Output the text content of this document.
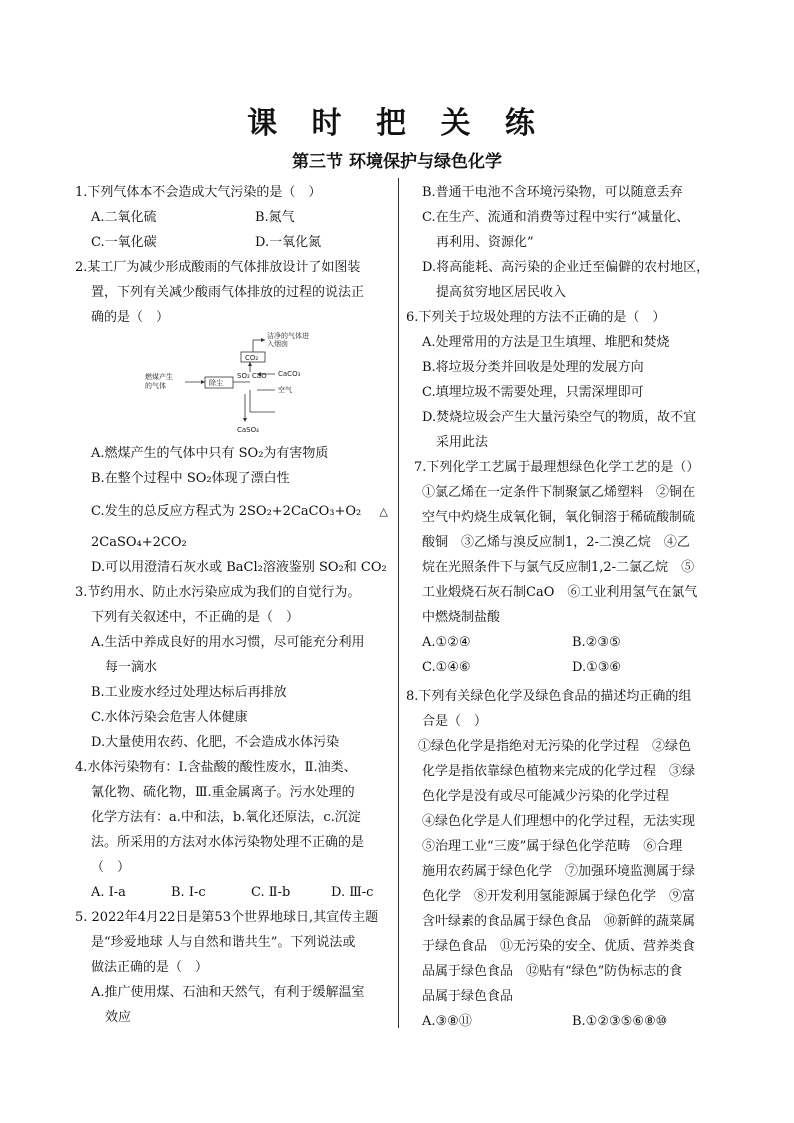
课 时 把 关 练
第三节 环境保护与绿色化学
1.下列气体本不会造成大气污染的是（　）
A.二氧化硫	B.氮气
C.一氧化碳	D.一氧化氮
2.某工厂为减少形成酸雨的气体排放设计了如图装
置，下列有关减少酸雨气体排放的过程的说法正
确的是（　）
燃煤产生
的气体	除尘
洁净的气体进
入烟囱
CO₂
SO₂ CaO CaCO₃
空气
CaSO₄
A.燃煤产生的气体中只有 SO₂为有害物质
B.在整个过程中 SO₂体现了漂白性
C.发生的总反应方程式为 2SO₂+2CaCO₃+O₂ △
2CaSO₄+2CO₂
D.可以用澄清石灰水或 BaCl₂溶液鉴别 SO₂和 CO₂
3.节约用水、防止水污染应成为我们的自觉行为。
下列有关叙述中，不正确的是（　）
A.生活中养成良好的用水习惯，尽可能充分利用
每一滴水
B.工业废水经过处理达标后再排放
C.水体污染会危害人体健康
D.大量使用农药、化肥，不会造成水体污染
4.水体污染物有：Ⅰ.含盐酸的酸性废水，Ⅱ.油类、
氰化物、硫化物，Ⅲ.重金属离子。污水处理的
化学方法有：a.中和法，b.氧化还原法，c.沉淀
法。所采用的方法对水体污染物处理不正确的是
（　）
A. Ⅰ-a	B. Ⅰ-c	C. Ⅱ-b	D. Ⅲ-c
5. 2022年4月22日是第53个世界地球日,其宣传主题
是“珍爱地球 人与自然和谐共生”。下列说法或
做法正确的是（　）
A.推广使用煤、石油和天然气，有利于缓解温室
效应
B.普通干电池不含环境污染物，可以随意丢弃
C.在生产、流通和消费等过程中实行“减量化、
再利用、资源化”
D.将高能耗、高污染的企业迁至偏僻的农村地区，
提高贫穷地区居民收入
6.下列关于垃圾处理的方法不正确的是（　）
A.处理常用的方法是卫生填埋、堆肥和焚烧
B.将垃圾分类并回收是处理的发展方向
C.填埋垃圾不需要处理，只需深埋即可
D.焚烧垃圾会产生大量污染空气的物质，故不宜
采用此法
7.下列化学工艺属于最理想绿色化学工艺的是（）
①氯乙烯在一定条件下制聚氯乙烯塑料　②铜在
空气中灼烧生成氧化铜，氧化铜溶于稀硫酸制硫
酸铜　③乙烯与溴反应制1，2-二溴乙烷　④乙
烷在光照条件下与氯气反应制1,2-二氯乙烷　⑤
工业煅烧石灰石制CaO　⑥工业利用氢气在氯气
中燃烧制盐酸
A.①②④	B.②③⑤
C.①④⑥	D.①③⑥
8.下列有关绿色化学及绿色食品的描述均正确的组
合是（　）
①绿色化学是指绝对无污染的化学过程　②绿色
化学是指依靠绿色植物来完成的化学过程　③绿
色化学是没有或尽可能减少污染的化学过程
④绿色化学是人们理想中的化学过程，无法实现
⑤治理工业“三废”属于绿色化学范畴　⑥合理
施用农药属于绿色化学　⑦加强环境监测属于绿
色化学　⑧开发利用氢能源属于绿色化学　⑨富
含叶绿素的食品属于绿色食品　⑩新鲜的蔬菜属
于绿色食品　⑪无污染的安全、优质、营养类食
品属于绿色食品　⑫贴有“绿色”防伪标志的食
品属于绿色食品
A.③⑧⑪	B.①②③⑤⑥⑧⑩
